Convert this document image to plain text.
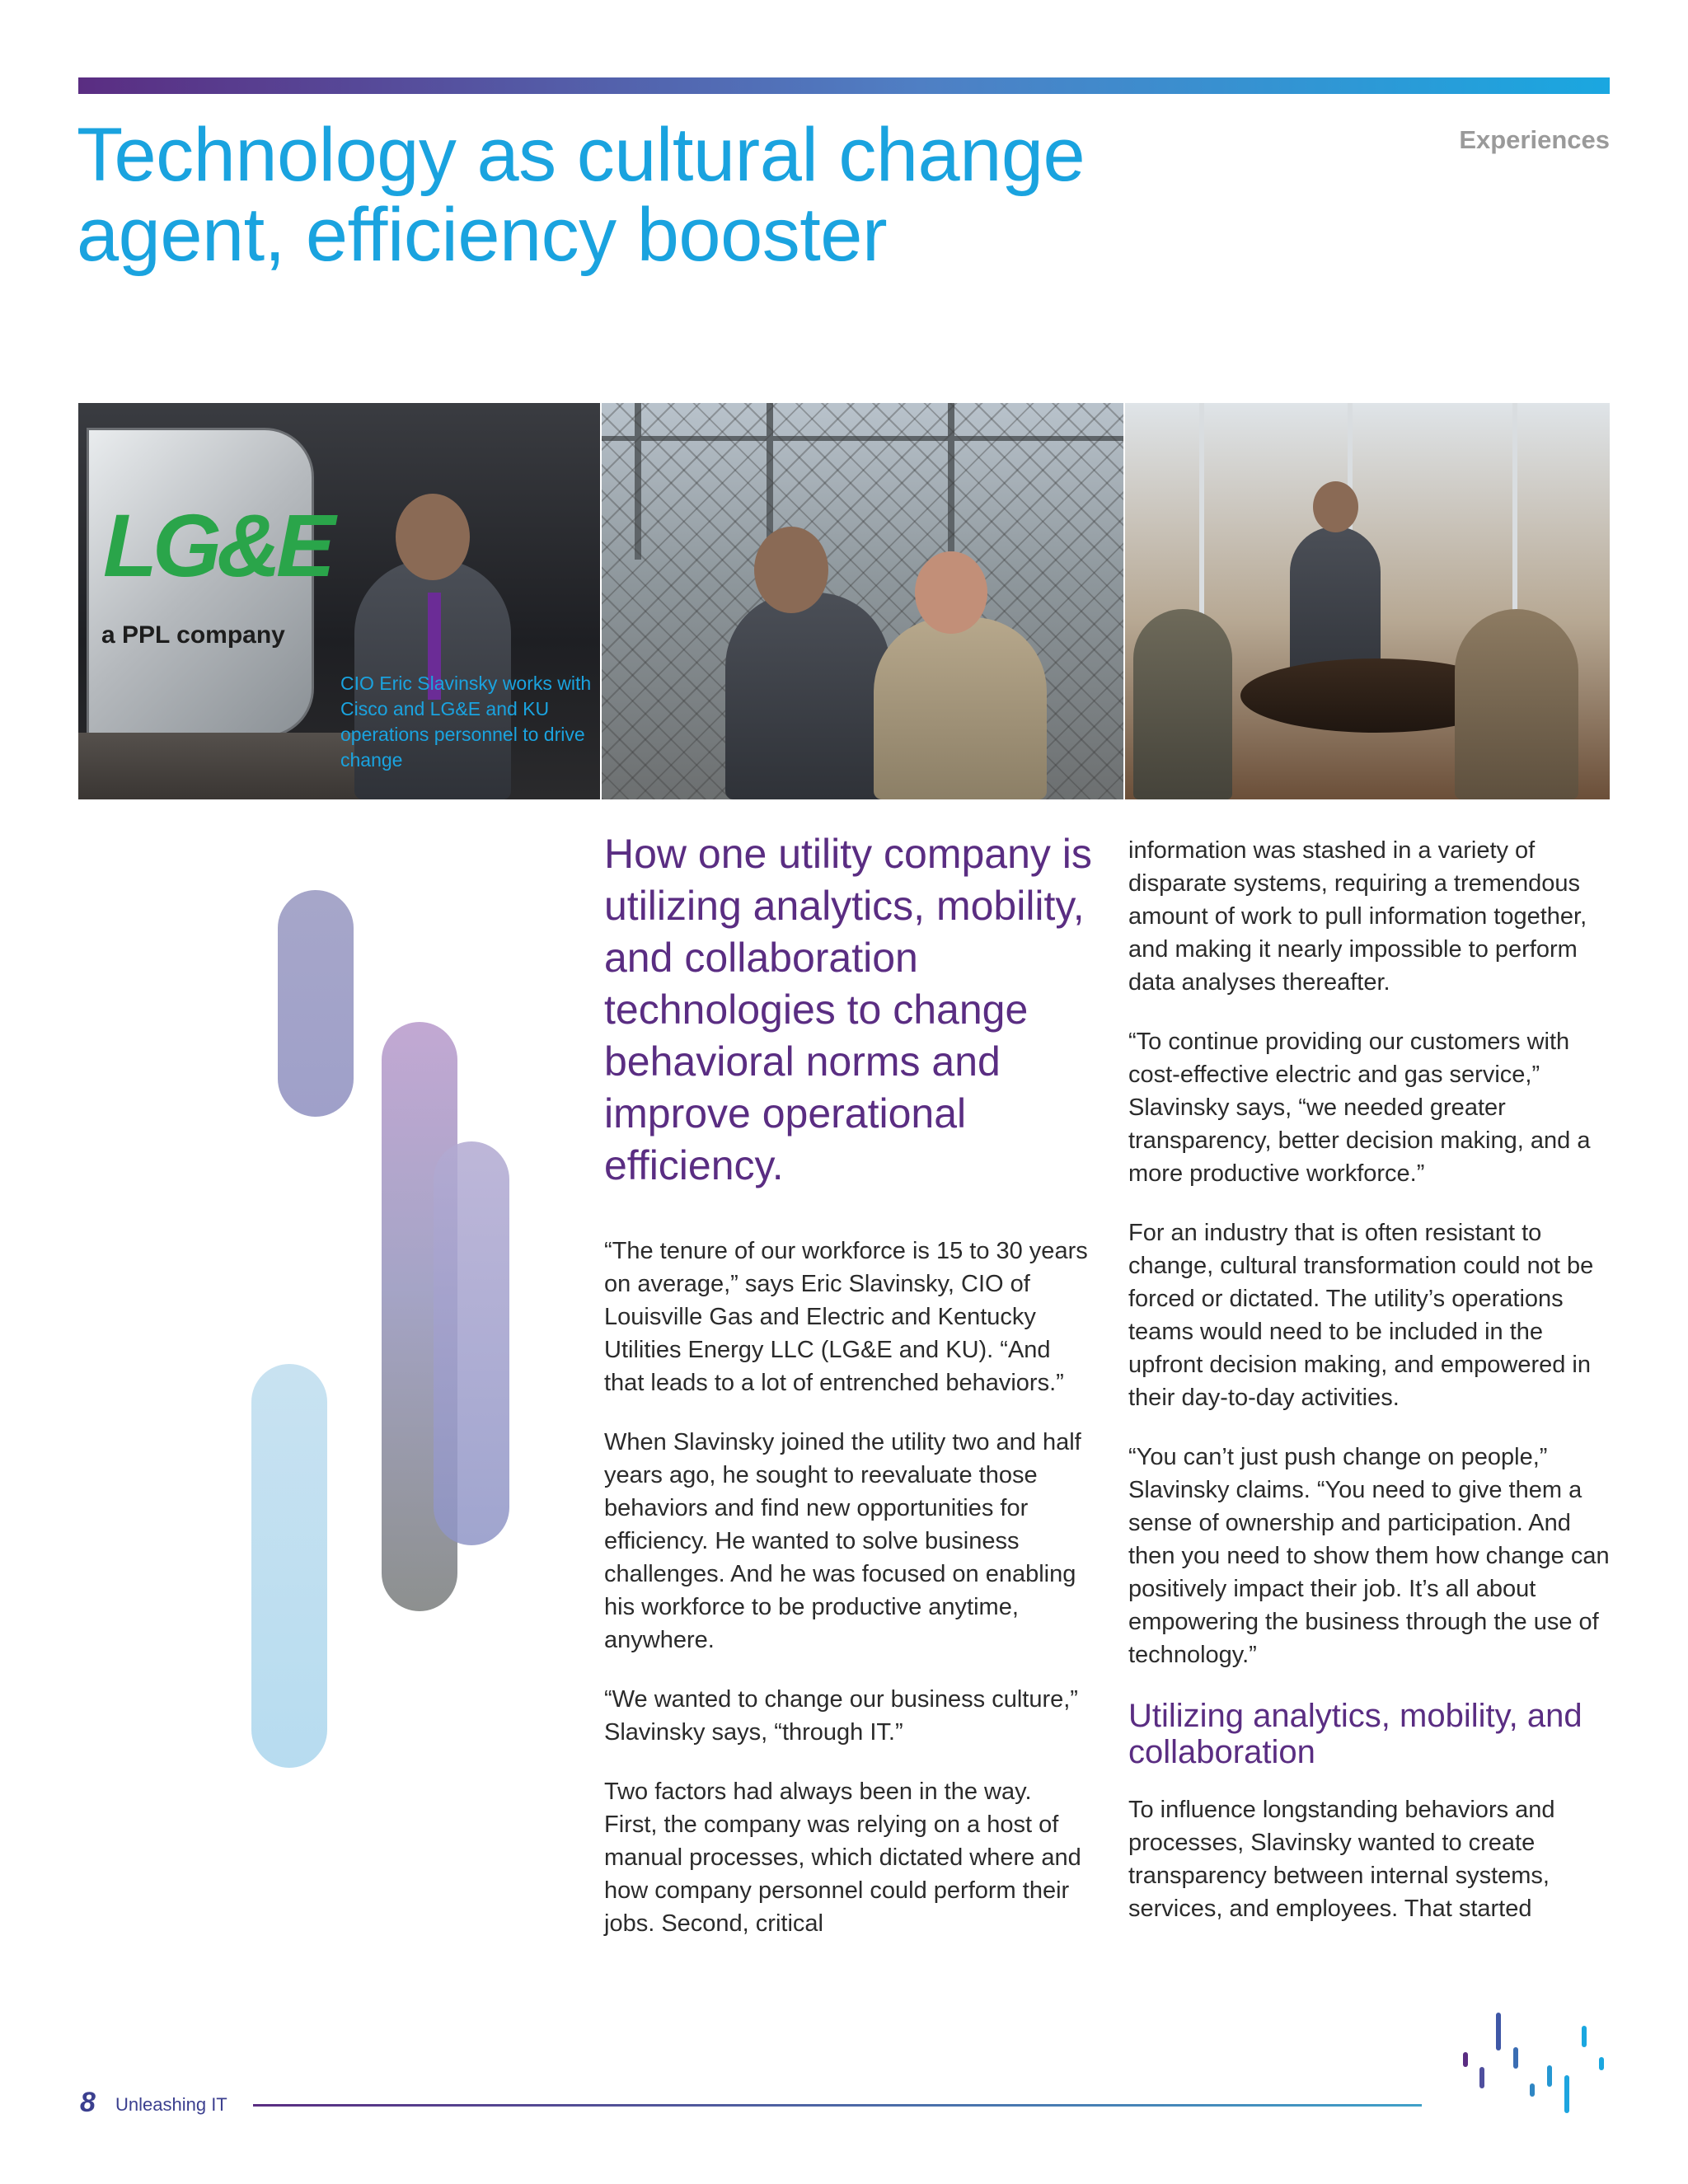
Technology as cultural change
agent, efficiency booster
Experiences
LG&E
a PPL company
CIO Eric Slavinsky works with Cisco and LG&E and KU operations personnel to drive change
How one utility company is utilizing analytics, mobility, and collaboration technologies to change behavioral norms and improve operational efficiency.

“The tenure of our workforce is 15 to 30 years on average,” says Eric Slavinsky, CIO of Louisville Gas and Electric and Kentucky Utilities Energy LLC (LG&E and KU). “And that leads to a lot of entrenched behaviors.”

When Slavinsky joined the utility two and half years ago, he sought to reevaluate those behaviors and find new opportunities for efficiency. He wanted to solve business challenges. And he was focused on enabling his workforce to be productive anytime, anywhere.

“We wanted to change our business culture,” Slavinsky says, “through IT.”

Two factors had always been in the way. First, the company was relying on a host of manual processes, which dictated where and how company personnel could perform their jobs. Second, critical

information was stashed in a variety of disparate systems, requiring a tremendous amount of work to pull information together, and making it nearly impossible to perform data analyses thereafter.

“To continue providing our customers with cost-effective electric and gas service,” Slavinsky says, “we needed greater transparency, better decision making, and a more productive workforce.”

For an industry that is often resistant to change, cultural transformation could not be forced or dictated. The utility’s operations teams would need to be included in the upfront decision making, and empowered in their day-to-day activities.

“You can’t just push change on people,” Slavinsky claims. “You need to give them a sense of ownership and participation. And then you need to show them how change can positively impact their job. It’s all about empowering the business through the use of technology.”

Utilizing analytics, mobility, and collaboration

To influence longstanding behaviors and processes, Slavinsky wanted to create transparency between internal systems, services, and employees. That started

8 Unleashing IT
